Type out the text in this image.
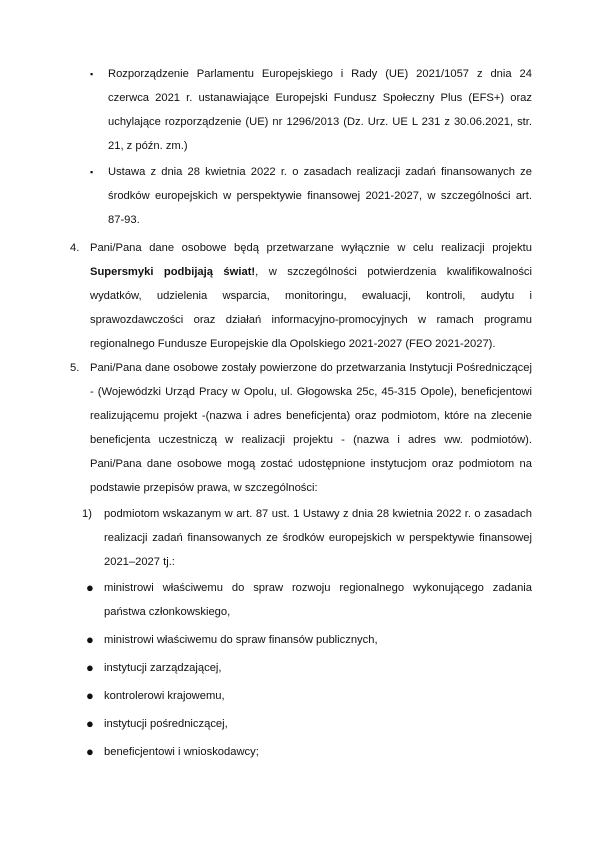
▪ Rozporządzenie Parlamentu Europejskiego i Rady (UE) 2021/1057 z dnia 24 czerwca 2021 r. ustanawiające Europejski Fundusz Społeczny Plus (EFS+) oraz uchylające rozporządzenie (UE) nr 1296/2013 (Dz. Urz. UE L 231 z 30.06.2021, str. 21, z późn. zm.)

▪ Ustawa z dnia 28 kwietnia 2022 r. o zasadach realizacji zadań finansowanych ze środków europejskich w perspektywie finansowej 2021-2027, w szczególności art. 87-93.

4. Pani/Pana dane osobowe będą przetwarzane wyłącznie w celu realizacji projektu Supersmyki podbijają świat!, w szczególności potwierdzenia kwalifikowalności wydatków, udzielenia wsparcia, monitoringu, ewaluacji, kontroli, audytu i sprawozdawczości oraz działań informacyjno-promocyjnych w ramach programu regionalnego Fundusze Europejskie dla Opolskiego 2021-2027 (FEO 2021-2027).

5. Pani/Pana dane osobowe zostały powierzone do przetwarzania Instytucji Pośredniczącej - (Wojewódzki Urząd Pracy w Opolu, ul. Głogowska 25c, 45-315 Opole), beneficjentowi realizującemu projekt -(nazwa i adres beneficjenta) oraz podmiotom, które na zlecenie beneficjenta uczestniczą w realizacji projektu - (nazwa i adres ww. podmiotów). Pani/Pana dane osobowe mogą zostać udostępnione instytucjom oraz podmiotom na podstawie przepisów prawa, w szczególności:

1) podmiotom wskazanym w art. 87 ust. 1 Ustawy z dnia 28 kwietnia 2022 r. o zasadach realizacji zadań finansowanych ze środków europejskich w perspektywie finansowej 2021–2027 tj.:

● ministrowi właściwemu do spraw rozwoju regionalnego wykonującego zadania państwa członkowskiego,

● ministrowi właściwemu do spraw finansów publicznych,

● instytucji zarządzającej,

● kontrolerowi krajowemu,

● instytucji pośredniczącej,

● beneficjentowi i wnioskodawcy;
